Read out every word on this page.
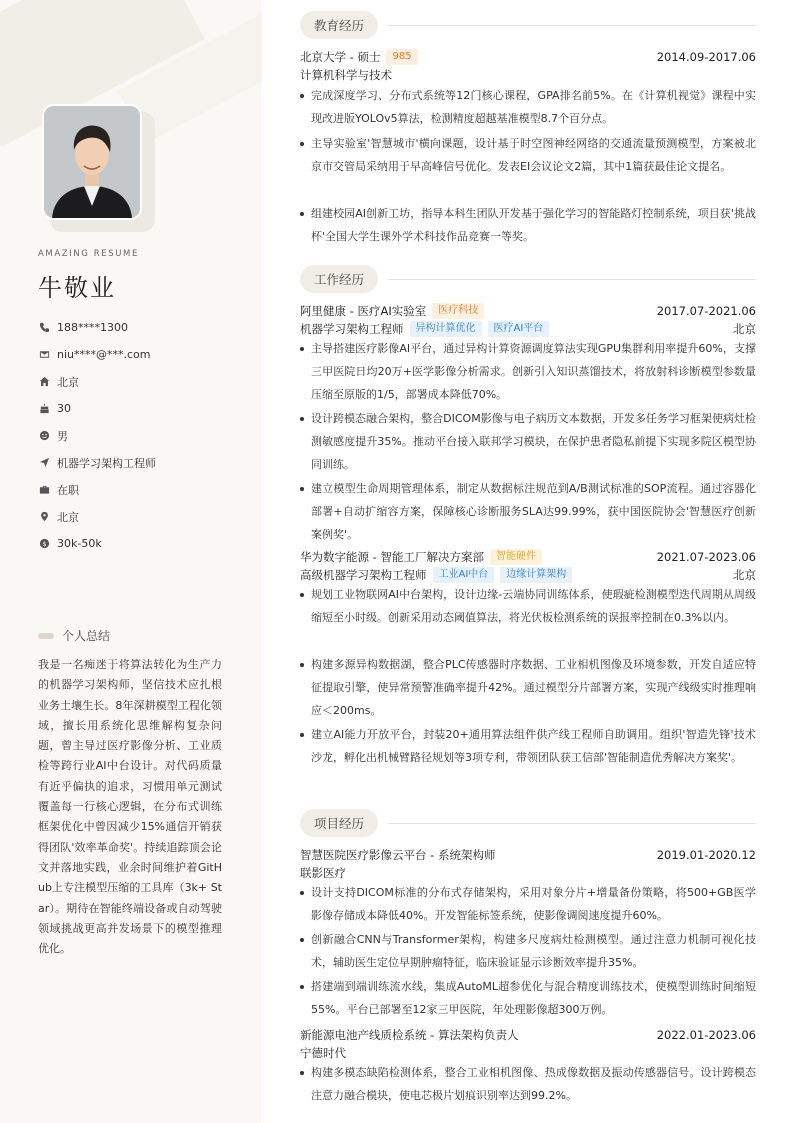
AMAZING RESUME
牛敬业
188****1300
niu****@***.com
北京
30
男
机器学习架构工程师
在职
北京
$ 30k-50k
个人总结
我是一名痴迷于将算法转化为生产力的机器学习架构师，坚信技术应扎根业务土壤生长。8年深耕模型工程化领域，擅长用系统化思维解构复杂问题，曾主导过医疗影像分析、工业质检等跨行业AI中台设计。对代码质量有近乎偏执的追求，习惯用单元测试覆盖每一行核心逻辑，在分布式训练框架优化中曾因减少15%通信开销获得团队'效率革命奖'。持续追踪顶会论文并落地实践，业余时间维护着GitHub上专注模型压缩的工具库（3k+ Star）。期待在智能终端设备或自动驾驶领域挑战更高并发场景下的模型推理优化。
教育经历
北京大学 - 硕士	985	2014.09-2017.06
计算机科学与技术
完成深度学习、分布式系统等12门核心课程，GPA排名前5%。在《计算机视觉》课程中实现改进版YOLOv5算法，检测精度超越基准模型8.7个百分点。
主导实验室'智慧城市'横向课题，设计基于时空图神经网络的交通流量预测模型，方案被北京市交管局采纳用于早高峰信号优化。发表EI会议论文2篇，其中1篇获最佳论文提名。
组建校园AI创新工坊，指导本科生团队开发基于强化学习的智能路灯控制系统，项目获'挑战杯'全国大学生课外学术科技作品竞赛一等奖。
工作经历
阿里健康 - 医疗AI实验室	医疗科技	2017.07-2021.06
机器学习架构工程师	异构计算优化	医疗AI平台	北京
主导搭建医疗影像AI平台，通过异构计算资源调度算法实现GPU集群利用率提升60%，支撑三甲医院日均20万+医学影像分析需求。创新引入知识蒸馏技术，将放射科诊断模型参数量压缩至原版的1/5，部署成本降低70%。
设计跨模态融合架构，整合DICOM影像与电子病历文本数据，开发多任务学习框架使病灶检测敏感度提升35%。推动平台接入联邦学习模块，在保护患者隐私前提下实现多院区模型协同训练。
建立模型生命周期管理体系，制定从数据标注规范到A/B测试标准的SOP流程。通过容器化部署+自动扩缩容方案，保障核心诊断服务SLA达99.99%，获中国医院协会'智慧医疗创新案例奖'。
华为数字能源 - 智能工厂解决方案部	智能硬件	2021.07-2023.06
高级机器学习架构工程师	工业AI中台	边缘计算架构	北京
规划工业物联网AI中台架构，设计边缘-云端协同训练体系，使瑕疵检测模型迭代周期从周级缩短至小时级。创新采用动态阈值算法，将光伏板检测系统的误报率控制在0.3%以内。
构建多源异构数据湖，整合PLC传感器时序数据、工业相机图像及环境参数，开发自适应特征提取引擎，使异常预警准确率提升42%。通过模型分片部署方案，实现产线级实时推理响应＜200ms。
建立AI能力开放平台，封装20+通用算法组件供产线工程师自助调用。组织'智造先锋'技术沙龙，孵化出机械臂路径规划等3项专利，带领团队获工信部'智能制造优秀解决方案奖'。
项目经历
智慧医院医疗影像云平台 - 系统架构师	2019.01-2020.12
联影医疗
设计支持DICOM标准的分布式存储架构，采用对象分片+增量备份策略，将500+GB医学影像存储成本降低40%。开发智能标签系统，使影像调阅速度提升60%。
创新融合CNN与Transformer架构，构建多尺度病灶检测模型。通过注意力机制可视化技术，辅助医生定位早期肿瘤特征，临床验证显示诊断效率提升35%。
搭建端到端训练流水线，集成AutoML超参优化与混合精度训练技术，使模型训练时间缩短55%。平台已部署至12家三甲医院，年处理影像超300万例。
新能源电池产线质检系统 - 算法架构负责人	2022.01-2023.06
宁德时代
构建多模态缺陷检测体系，整合工业相机图像、热成像数据及振动传感器信号。设计跨模态注意力融合模块，使电芯极片划痕识别率达到99.2%。
